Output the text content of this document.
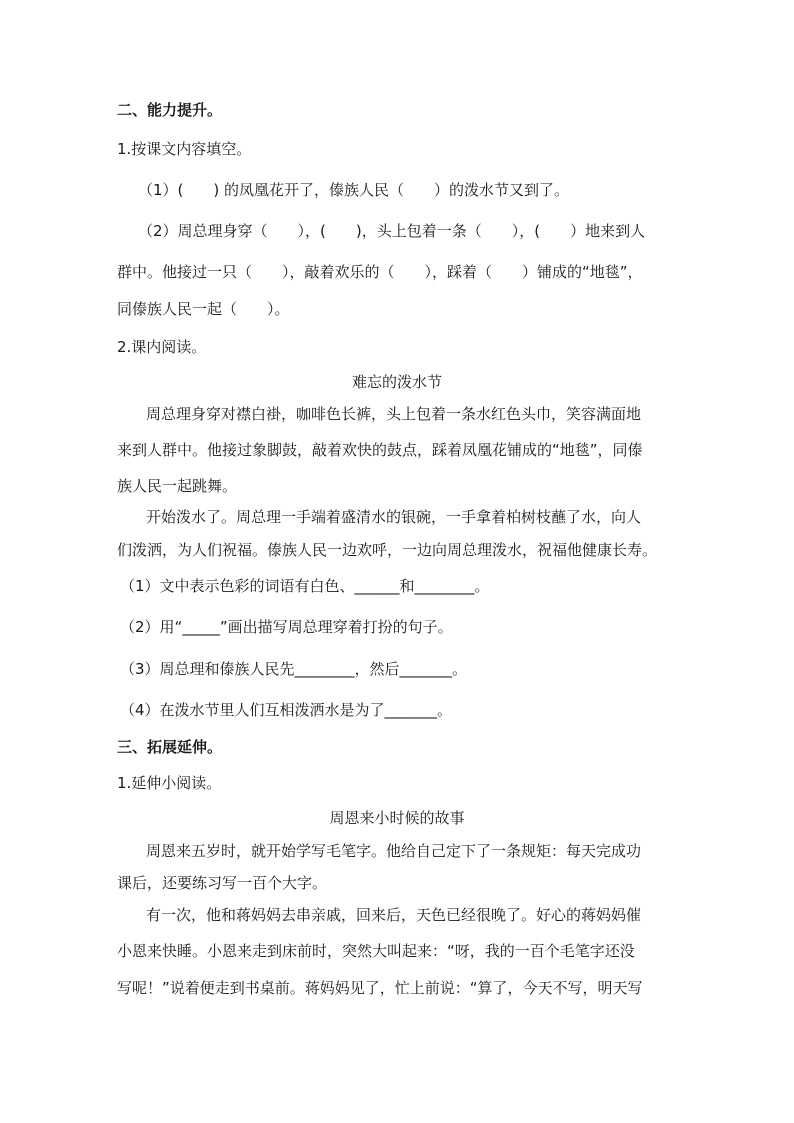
二、能力提升。
1.按课文内容填空。
（1）(　　) 的凤凰花开了，傣族人民（　　）的泼水节又到了。
（2）周总理身穿（　　），(　　)，头上包着一条（　　），(　　）地来到人
群中。他接过一只（　　），敲着欢乐的（　　），踩着（　　）铺成的“地毯”，
同傣族人民一起（　　）。
2.课内阅读。
难忘的泼水节
周总理身穿对襟白褂，咖啡色长裤，头上包着一条水红色头巾，笑容满面地
来到人群中。他接过象脚鼓，敲着欢快的鼓点，踩着凤凰花铺成的“地毯”，同傣
族人民一起跳舞。
开始泼水了。周总理一手端着盛清水的银碗，一手拿着柏树枝蘸了水，向人
们泼洒，为人们祝福。傣族人民一边欢呼，一边向周总理泼水，祝福他健康长寿。
（1）文中表示色彩的词语有白色、______和________。
（2）用“_____”画出描写周总理穿着打扮的句子。
（3）周总理和傣族人民先________，然后_______。
（4）在泼水节里人们互相泼洒水是为了_______。
三、拓展延伸。
1.延伸小阅读。
周恩来小时候的故事
周恩来五岁时，就开始学写毛笔字。他给自己定下了一条规矩：每天完成功
课后，还要练习写一百个大字。
有一次，他和蒋妈妈去串亲戚，回来后，天色已经很晚了。好心的蒋妈妈催
小恩来快睡。小恩来走到床前时，突然大叫起来：“呀，我的一百个毛笔字还没
写呢！”说着便走到书桌前。蒋妈妈见了，忙上前说：“算了，今天不写，明天写
